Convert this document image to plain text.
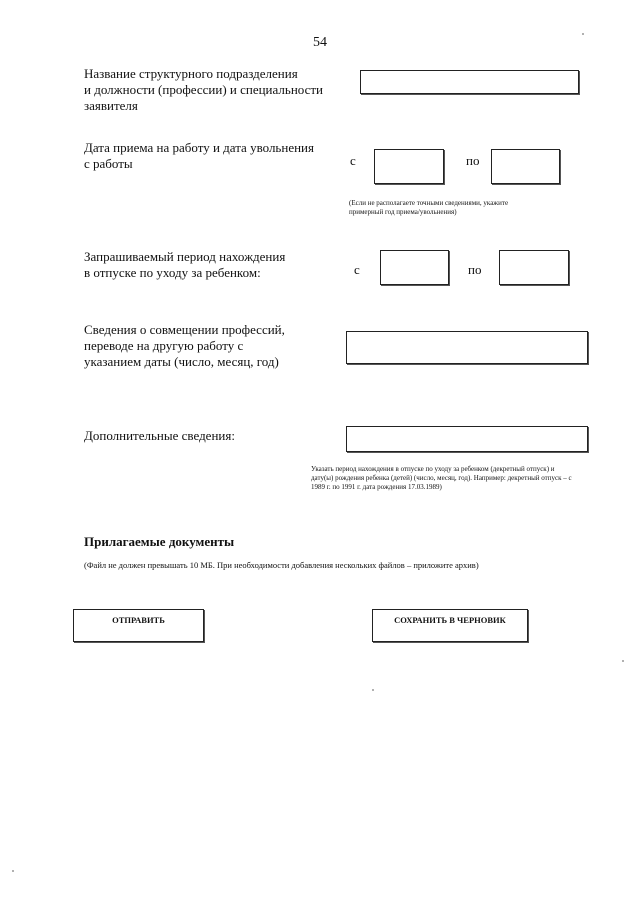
54
Название структурного подразделения
и должности (профессии) и специальности
заявителя
Дата приема на работу и дата увольнения
с работы	с	по
(Если не располагаете точными сведениями, укажите
примерный год приема/увольнения)
Запрашиваемый период нахождения
в отпуске по уходу за ребенком:	с	по
Сведения о совмещении профессий,
переводе на другую работу с
указанием даты (число, месяц, год)
Дополнительные сведения:
Указать период нахождения в отпуске по уходу за ребенком (декретный отпуск) и
дату(ы) рождения ребенка (детей) (число, месяц, год). Например: декретный отпуск – с
1989 г. по 1991 г. дата рождения 17.03.1989)
Прилагаемые документы
(Файл не должен превышать 10 МБ. При необходимости добавления нескольких файлов – приложите архив)
ОТПРАВИТЬ	СОХРАНИТЬ В ЧЕРНОВИК
